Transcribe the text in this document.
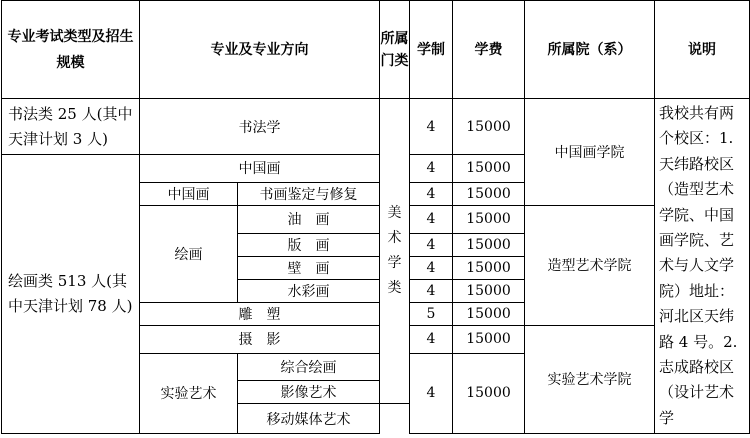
专业考试类型及招生规模	专业及专业方向		所属门类	学制	学费	所属院（系）	说明
书法类 25 人(其中天津计划 3 人)	书法学		美术学类	4	15000	中国画学院	我校共有两个校区：1.天纬路校区（造型艺术学院、中国画学院、艺术与人文学院）地址：河北区天纬路 4 号。2.志成路校区（设计艺术学
绘画类 513 人(其中天津计划 78 人)	中国画			4	15000		
	中国画	书画鉴定与修复		4	15000		
	绘画	油　画		4	15000	造型艺术学院	
		版　画		4	15000		
		壁　画		4	15000		
		水彩画		4	15000		
	雕　塑			5	15000		
	摄　影			4	15000	实验艺术学院	
	实验艺术	综合绘画		4	15000		
		影像艺术					
		移动媒体艺术					
